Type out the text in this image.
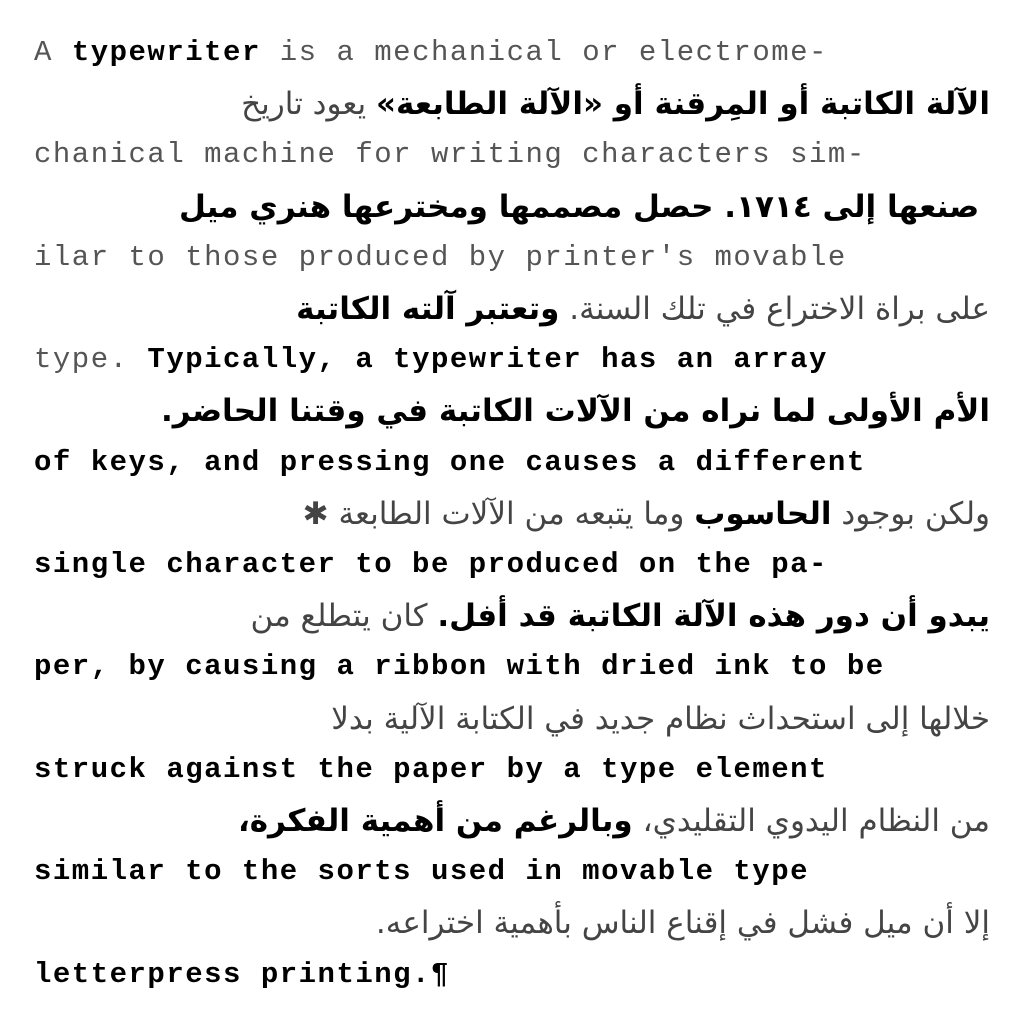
A typewriter is a mechanical or electrome-
الآلة الكاتبة أو المِرقنة أو «الآلة الطابعة» يعود تاريخ
chanical machine for writing characters sim-
صنعها إلى ١٧١٤. حصل مصممها ومخترعها هنري ميل
ilar to those produced by printer's movable
على براة الاختراع في تلك السنة. وتعتبر آلته الكاتبة
type. Typically, a typewriter has an array
الأم الأولى لما نراه من الآلات الكاتبة في وقتنا الحاضر.
of keys, and pressing one causes a different
ولكن بوجود الحاسوب وما يتبعه من الآلات الطابعة ✱
single character to be produced on the pa-
يبدو أن دور هذه الآلة الكاتبة قد أفل. كان يتطلع من
per, by causing a ribbon with dried ink to be
خلالها إلى استحداث نظام جديد في الكتابة الآلية بدلا
struck against the paper by a type element
من النظام اليدوي التقليدي، وبالرغم من أهمية الفكرة،
similar to the sorts used in movable type
إلا أن ميل فشل في إقناع الناس بأهمية اختراعه.
letterpress printing.¶
